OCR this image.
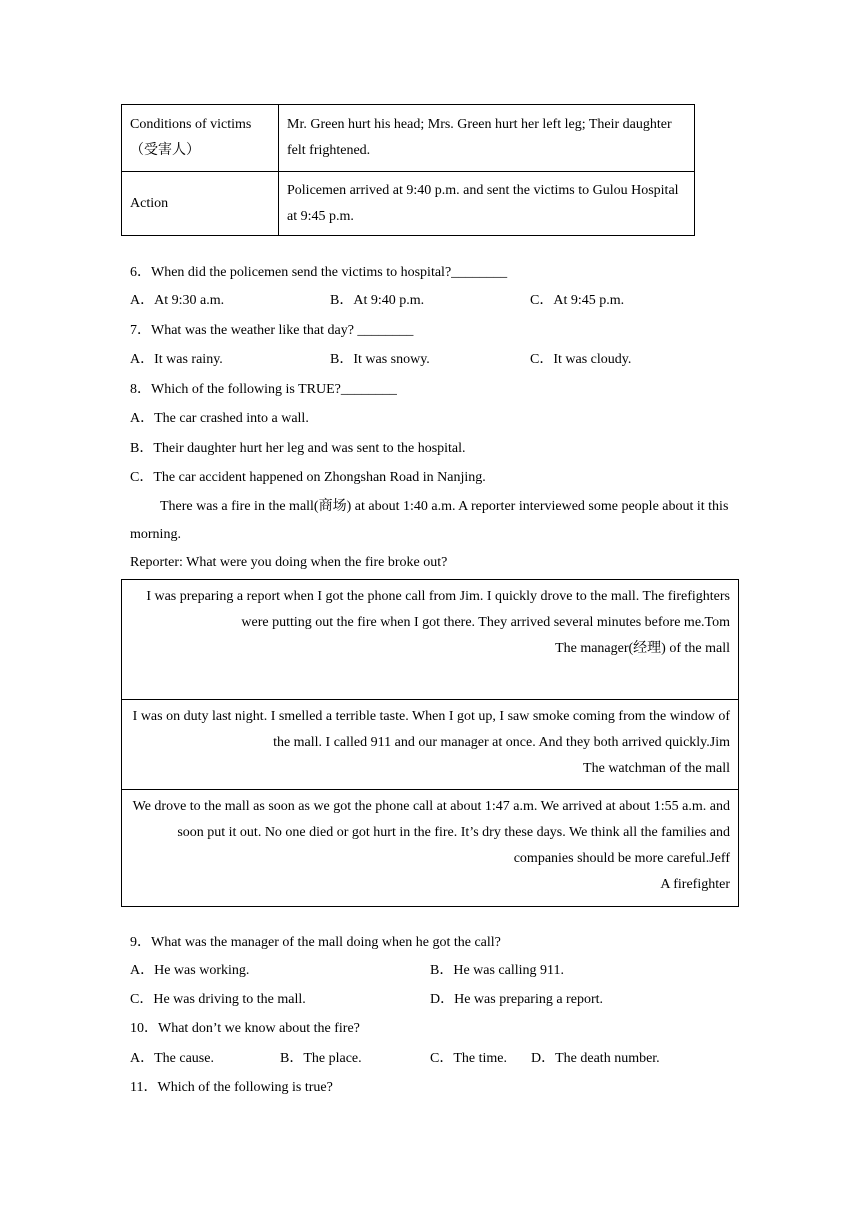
Conditions of victims（受害人）	Mr. Green hurt his head; Mrs. Green hurt her left leg; Their daughter felt frightened.
Action	Policemen arrived at 9:40 p.m. and sent the victims to Gulou Hospital at 9:45 p.m.
6．When did the policemen send the victims to hospital?________
A．At 9:30 a.m.	B．At 9:40 p.m.	C．At 9:45 p.m.
7．What was the weather like that day? ________
A．It was rainy.	B．It was snowy.	C．It was cloudy.
8．Which of the following is TRUE?________
A．The car crashed into a wall.
B．Their daughter hurt her leg and was sent to the hospital.
C．The car accident happened on Zhongshan Road in Nanjing.
There was a fire in the mall(商场) at about 1:40 a.m. A reporter interviewed some people about it this morning.
Reporter: What were you doing when the fire broke out?
I was preparing a report when I got the phone call from Jim. I quickly drove to the mall. The firefighters were putting out the fire when I got there. They arrived several minutes before me.Tom
The manager(经理) of the mall
I was on duty last night. I smelled a terrible taste. When I got up, I saw smoke coming from the window of the mall. I called 911 and our manager at once. And they both arrived quickly.Jim
The watchman of the mall
We drove to the mall as soon as we got the phone call at about 1:47 a.m. We arrived at about 1:55 a.m. and soon put it out. No one died or got hurt in the fire. It’s dry these days. We think all the families and companies should be more careful.Jeff
A firefighter
9．What was the manager of the mall doing when he got the call?
A．He was working.	B．He was calling 911.
C．He was driving to the mall.	D．He was preparing a report.
10．What don’t we know about the fire?
A．The cause.	B．The place.	C．The time. D．The death number.
11．Which of the following is true?
